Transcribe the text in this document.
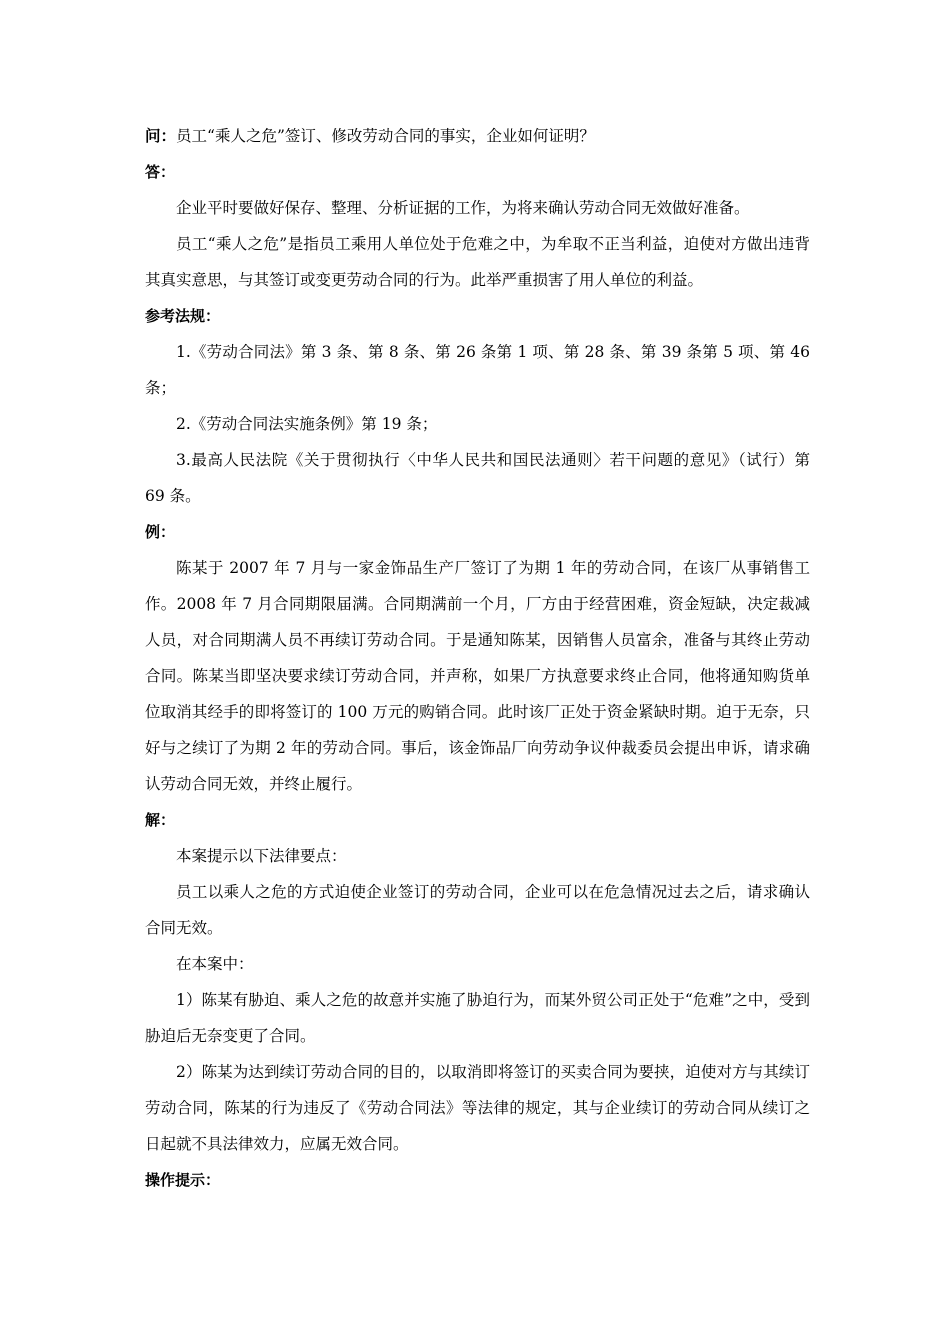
问：员工“乘人之危”签订、修改劳动合同的事实，企业如何证明？

答：

企业平时要做好保存、整理、分析证据的工作，为将来确认劳动合同无效做好准备。

员工“乘人之危”是指员工乘用人单位处于危难之中，为牟取不正当利益，迫使对方做出违背其真实意思，与其签订或变更劳动合同的行为。此举严重损害了用人单位的利益。

参考法规：

1.《劳动合同法》第 3 条、第 8 条、第 26 条第 1 项、第 28 条、第 39 条第 5 项、第 46 条；

2.《劳动合同法实施条例》第 19 条；

3.最高人民法院《关于贯彻执行〈中华人民共和国民法通则〉若干问题的意见》（试行）第 69 条。

例：

陈某于 2007 年 7 月与一家金饰品生产厂签订了为期 1 年的劳动合同，在该厂从事销售工作。2008 年 7 月合同期限届满。合同期满前一个月，厂方由于经营困难，资金短缺，决定裁减人员，对合同期满人员不再续订劳动合同。于是通知陈某，因销售人员富余，准备与其终止劳动合同。陈某当即坚决要求续订劳动合同，并声称，如果厂方执意要求终止合同，他将通知购货单位取消其经手的即将签订的 100 万元的购销合同。此时该厂正处于资金紧缺时期。迫于无奈，只好与之续订了为期 2 年的劳动合同。事后，该金饰品厂向劳动争议仲裁委员会提出申诉，请求确认劳动合同无效，并终止履行。

解：

本案提示以下法律要点：

员工以乘人之危的方式迫使企业签订的劳动合同，企业可以在危急情况过去之后，请求确认合同无效。

在本案中：

1）陈某有胁迫、乘人之危的故意并实施了胁迫行为，而某外贸公司正处于“危难”之中，受到胁迫后无奈变更了合同。

2）陈某为达到续订劳动合同的目的，以取消即将签订的买卖合同为要挟，迫使对方与其续订劳动合同，陈某的行为违反了《劳动合同法》等法律的规定，其与企业续订的劳动合同从续订之日起就不具法律效力，应属无效合同。

操作提示：
